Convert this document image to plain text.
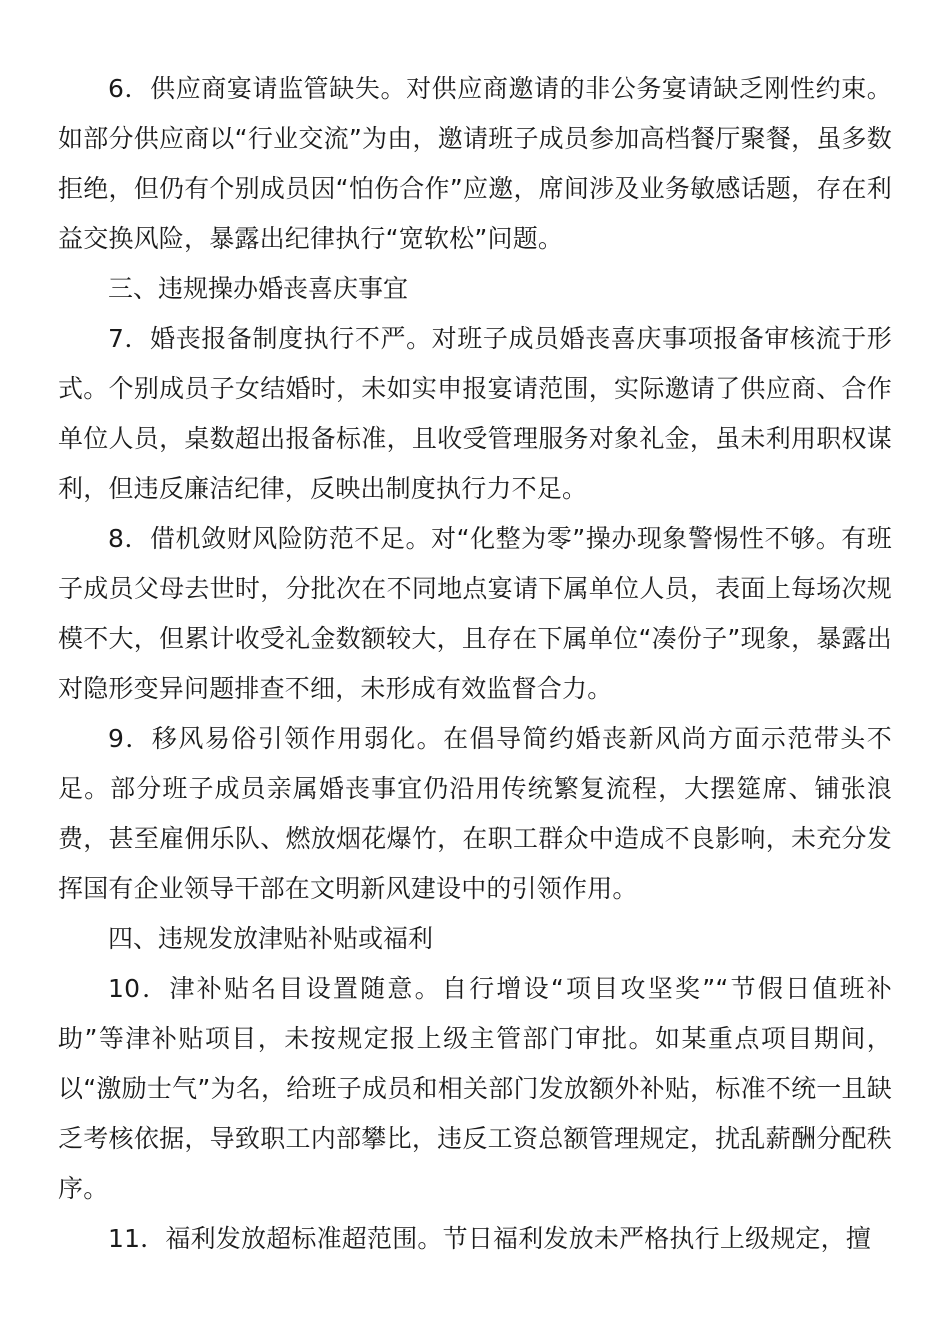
6．供应商宴请监管缺失。对供应商邀请的非公务宴请缺乏刚性约束。如部分供应商以“行业交流”为由，邀请班子成员参加高档餐厅聚餐，虽多数拒绝，但仍有个别成员因“怕伤合作”应邀，席间涉及业务敏感话题，存在利益交换风险，暴露出纪律执行“宽软松”问题。

三、违规操办婚丧喜庆事宜

7．婚丧报备制度执行不严。对班子成员婚丧喜庆事项报备审核流于形式。个别成员子女结婚时，未如实申报宴请范围，实际邀请了供应商、合作单位人员，桌数超出报备标准，且收受管理服务对象礼金，虽未利用职权谋利，但违反廉洁纪律，反映出制度执行力不足。

8．借机敛财风险防范不足。对“化整为零”操办现象警惕性不够。有班子成员父母去世时，分批次在不同地点宴请下属单位人员，表面上每场次规模不大，但累计收受礼金数额较大，且存在下属单位“凑份子”现象，暴露出对隐形变异问题排查不细，未形成有效监督合力。

9．移风易俗引领作用弱化。在倡导简约婚丧新风尚方面示范带头不足。部分班子成员亲属婚丧事宜仍沿用传统繁复流程，大摆筵席、铺张浪费，甚至雇佣乐队、燃放烟花爆竹，在职工群众中造成不良影响，未充分发挥国有企业领导干部在文明新风建设中的引领作用。

四、违规发放津贴补贴或福利

10．津补贴名目设置随意。自行增设“项目攻坚奖”“节假日值班补助”等津补贴项目，未按规定报上级主管部门审批。如某重点项目期间，以“激励士气”为名，给班子成员和相关部门发放额外补贴，标准不统一且缺乏考核依据，导致职工内部攀比，违反工资总额管理规定，扰乱薪酬分配秩序。

11．福利发放超标准超范围。节日福利发放未严格执行上级规定，擅
